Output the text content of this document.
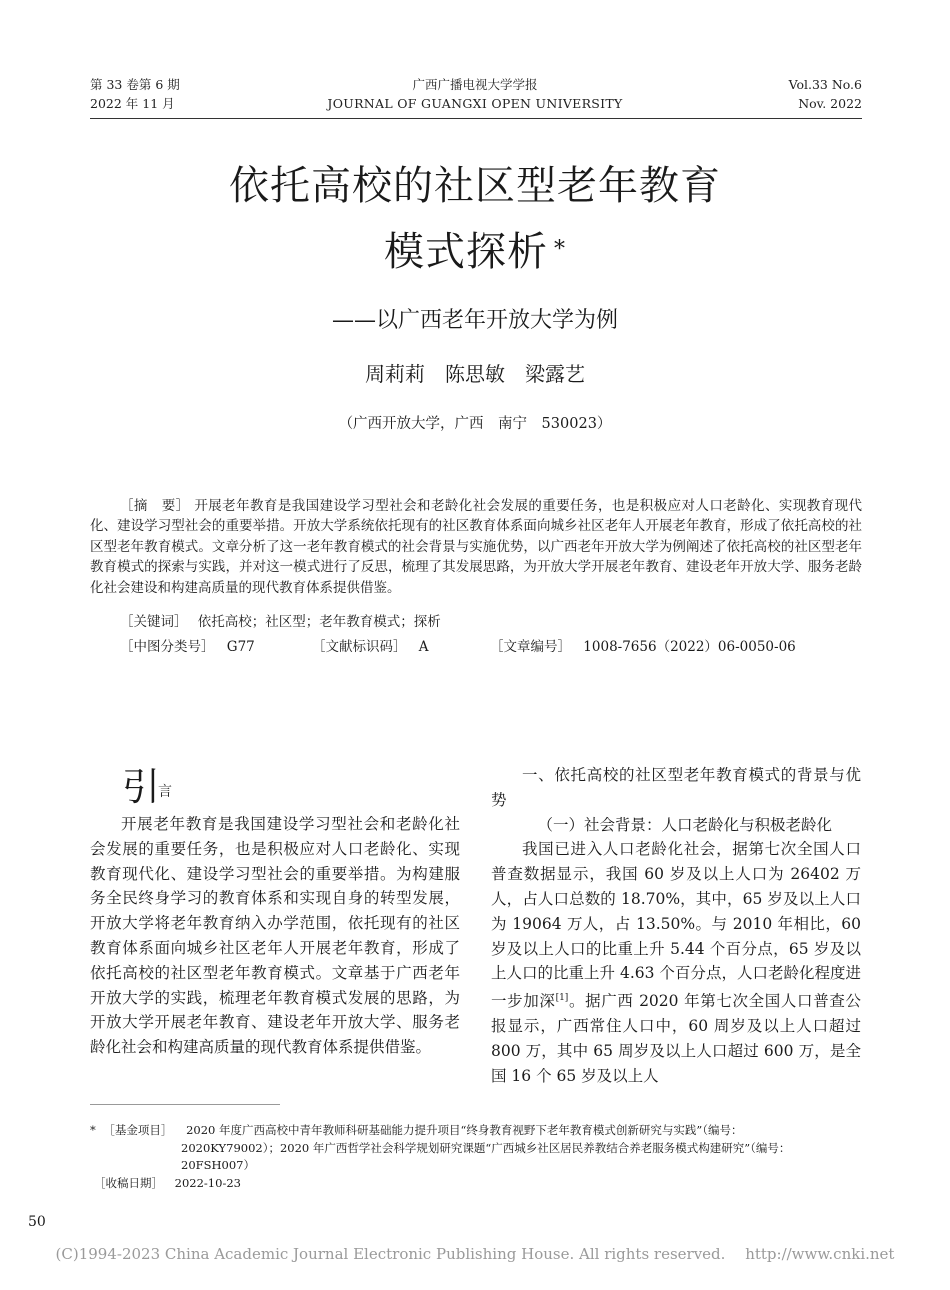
第 33 卷第 6 期
2022 年 11 月
广西广播电视大学学报
JOURNAL OF GUANGXI OPEN UNIVERSITY
Vol.33 No.6
Nov. 2022
依托高校的社区型老年教育
模式探析 *
——以广西老年开放大学为例
周莉莉　陈思敏　梁露艺
（广西开放大学，广西　南宁　530023）
［摘　要］ 开展老年教育是我国建设学习型社会和老龄化社会发展的重要任务，也是积极应对人口老龄化、实现教育现代化、建设学习型社会的重要举措。开放大学系统依托现有的社区教育体系面向城乡社区老年人开展老年教育，形成了依托高校的社区型老年教育模式。文章分析了这一老年教育模式的社会背景与实施优势，以广西老年开放大学为例阐述了依托高校的社区型老年教育模式的探索与实践，并对这一模式进行了反思，梳理了其发展思路，为开放大学开展老年教育、建设老年开放大学、服务老龄化社会建设和构建高质量的现代教育体系提供借鉴。
［关键词］ 依托高校；社区型；老年教育模式；探析
［中图分类号］ G77	［文献标识码］ A	［文章编号］ 1008-7656（2022）06-0050-06
引
言

开展老年教育是我国建设学习型社会和老龄化社会发展的重要任务，也是积极应对人口老龄化、实现教育现代化、建设学习型社会的重要举措。为构建服务全民终身学习的教育体系和实现自身的转型发展，开放大学将老年教育纳入办学范围，依托现有的社区教育体系面向城乡社区老年人开展老年教育，形成了依托高校的社区型老年教育模式。文章基于广西老年开放大学的实践，梳理老年教育模式发展的思路，为开放大学开展老年教育、建设老年开放大学、服务老龄化社会和构建高质量的现代教育体系提供借鉴。

一、依托高校的社区型老年教育模式的背景与优势

（一）社会背景：人口老龄化与积极老龄化

我国已进入人口老龄化社会，据第七次全国人口普查数据显示，我国 60 岁及以上人口为 26402 万人，占人口总数的 18.70%，其中，65 岁及以上人口为 19064 万人，占 13.50%。与 2010 年相比，60 岁及以上人口的比重上升 5.44 个百分点，65 岁及以上人口的比重上升 4.63 个百分点，人口老龄化程度进一步加深[1]。据广西 2020 年第七次全国人口普查公报显示，广西常住人口中，60 周岁及以上人口超过 800 万，其中 65 周岁及以上人口超过 600 万，是全国 16 个 65 岁及以上人

* ［基金项目］ 2020 年度广西高校中青年教师科研基础能力提升项目“终身教育视野下老年教育模式创新研究与实践”（编号：
2020KY79002）；2020 年广西哲学社会科学规划研究课题“广西城乡社区居民养教结合养老服务模式构建研究”（编号：
20FSH007）
［收稿日期］ 2022-10-23
50
(C)1994-2023 China Academic Journal Electronic Publishing House. All rights reserved.　 http://www.cnki.net
